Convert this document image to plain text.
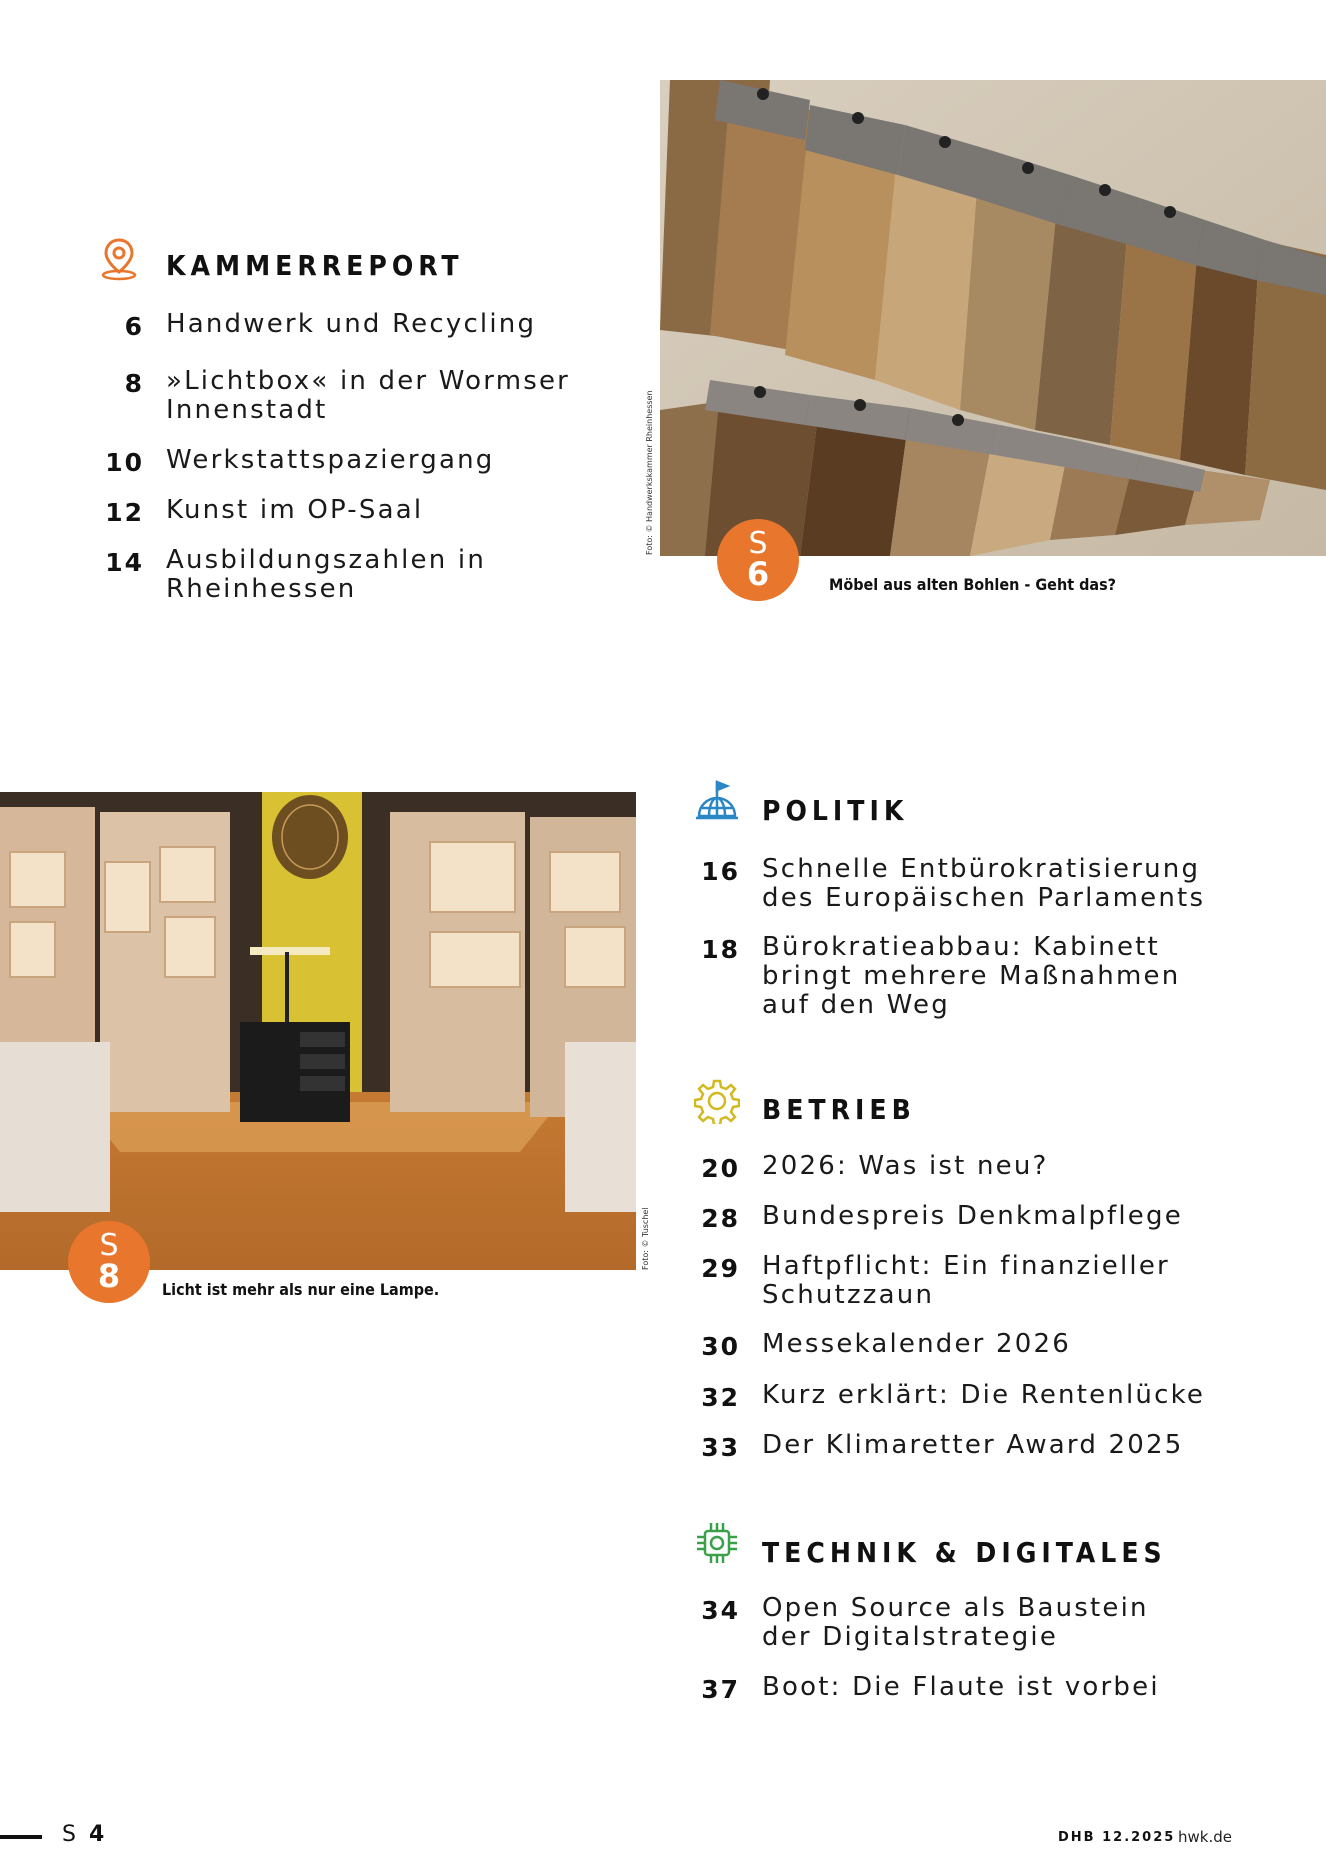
KAMMERREPORT
6 Handwerk und Recycling
8 »Lichtbox« in der Wormser
Innenstadt
10 Werkstattspaziergang
12 Kunst im OP-Saal
14 Ausbildungszahlen in
Rheinhessen
Foto: © Handwerkskammer Rheinhessen	S
6	Möbel aus alten Bohlen - Geht das?
Foto: © Tuschel
S
8	Licht ist mehr als nur eine Lampe.
POLITIK
16 Schnelle Entbürokratisierung
des Europäischen Parlaments
18 Bürokratieabbau: Kabinett
bringt mehrere Maßnahmen
auf den Weg
BETRIEB
20 2026: Was ist neu?
28 Bundespreis Denkmalpflege
29 Haftpflicht: Ein finanzieller
Schutzzaun
30 Messekalender 2026
32 Kurz erklärt: Die Rentenlücke
33 Der Klimaretter Award 2025
TECHNIK & DIGITALES
34 Open Source als Baustein
der Digitalstrategie
37 Boot: Die Flaute ist vorbei
S 4	DHB 12.2025 hwk.de
